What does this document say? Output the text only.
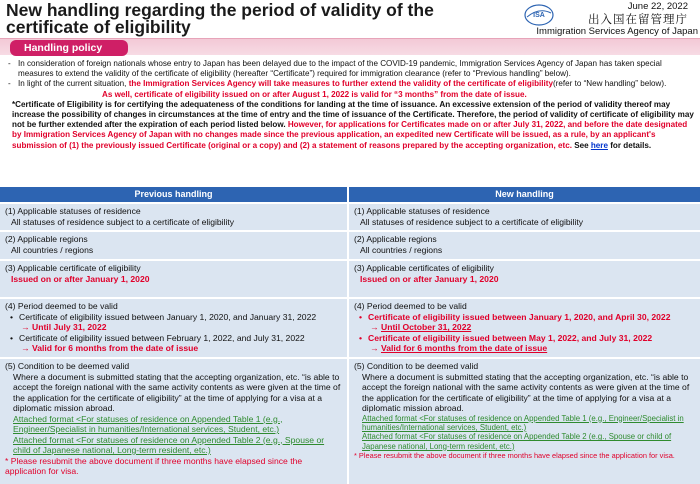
New handling regarding the period of validity of the certificate of eligibility
ISA
June 22, 2022
出入国在留管理庁
Immigration Services Agency of Japan
Handling policy
- In consideration of foreign nationals whose entry to Japan has been delayed due to the impact of the COVID-19 pandemic, Immigration Services Agency of Japan has taken special measures to extend the validity of the certificate of eligibility (hereafter “Certificate”) required for immigration clearance (refer to “Previous handling” below).
- In light of the current situation, the Immigration Services Agency will take measures to further extend the validity of the certificate of eligibility(refer to “New handling” below).
As well, certificate of eligibility issued on or after August 1, 2022 is valid for “3 months” from the date of issue.
*Certificate of Eligibility is for certifying the adequateness of the conditions for landing at the time of issuance. An excessive extension of the period of validity thereof may increase the possibility of changes in circumstances at the time of entry and the time of issuance of the Certificate. Therefore, the period of validity of certificate of eligibility may not be further extended after the expiration of each period listed below. However, for applications for Certificates made on or after July 31, 2022, and before the date designated by Immigration Services Agency of Japan with no changes made since the previous application, an expedited new Certificate will be issued, as a rule, by an applicant's submission of (1) the previously issued Certificate (original or a copy) and (2) a statement of reasons prepared by the accepting organization, etc. See here for details.
Previous handling	New handling
(1) Applicable statuses of residence
All statuses of residence subject to a certificate of eligibility
(1) Applicable statuses of residence
All statuses of residence subject to a certificate of eligibility
(2) Applicable regions
All countries / regions
(2) Applicable regions
All countries / regions
(3) Applicable certificate of eligibility
Issued on or after January 1, 2020
(3) Applicable certificates of eligibility
Issued on or after January 1, 2020
(4) Period deemed to be valid
• Certificate of eligibility issued between January 1, 2020, and January 31, 2022
→ Until July 31, 2022
• Certificate of eligibility issued between February 1, 2022, and July 31, 2022
→ Valid for 6 months from the date of issue
(4) Period deemed to be valid
• Certificate of eligibility issued between January 1, 2020, and April 30, 2022
→ Until October 31, 2022
• Certificate of eligibility issued between May 1, 2022, and July 31, 2022
→ Valid for 6 months from the date of issue
(5) Condition to be deemed valid
Where a document is submitted stating that the accepting organization, etc. “is able to accept the foreign national with the same activity contents as were given at the time of the application for the certificate of eligibility” at the time of applying for a visa at a diplomatic mission abroad.
Attached format <For statuses of residence on Appended Table 1 (e.g., Engineer/Specialist in humanities/International services, Student, etc.)
Attached format <For statuses of residence on Appended Table 2 (e.g., Spouse or child of Japanese national, Long-term resident, etc.)
* Please resubmit the above document if three months have elapsed since the application for visa.
(5) Condition to be deemed valid
Where a document is submitted stating that the accepting organization, etc. “is able to accept the foreign national with the same activity contents as were given at the time of the application for the certificate of eligibility” at the time of applying for a visa at a diplomatic mission abroad.
Attached format <For statuses of residence on Appended Table 1 (e.g., Engineer/Specialist in humanities/International services, Student, etc.)
Attached format <For statuses of residence on Appended Table 2 (e.g., Spouse or child of Japanese national, Long-term resident, etc.)
* Please resubmit the above document if three months have elapsed since the application for visa.
